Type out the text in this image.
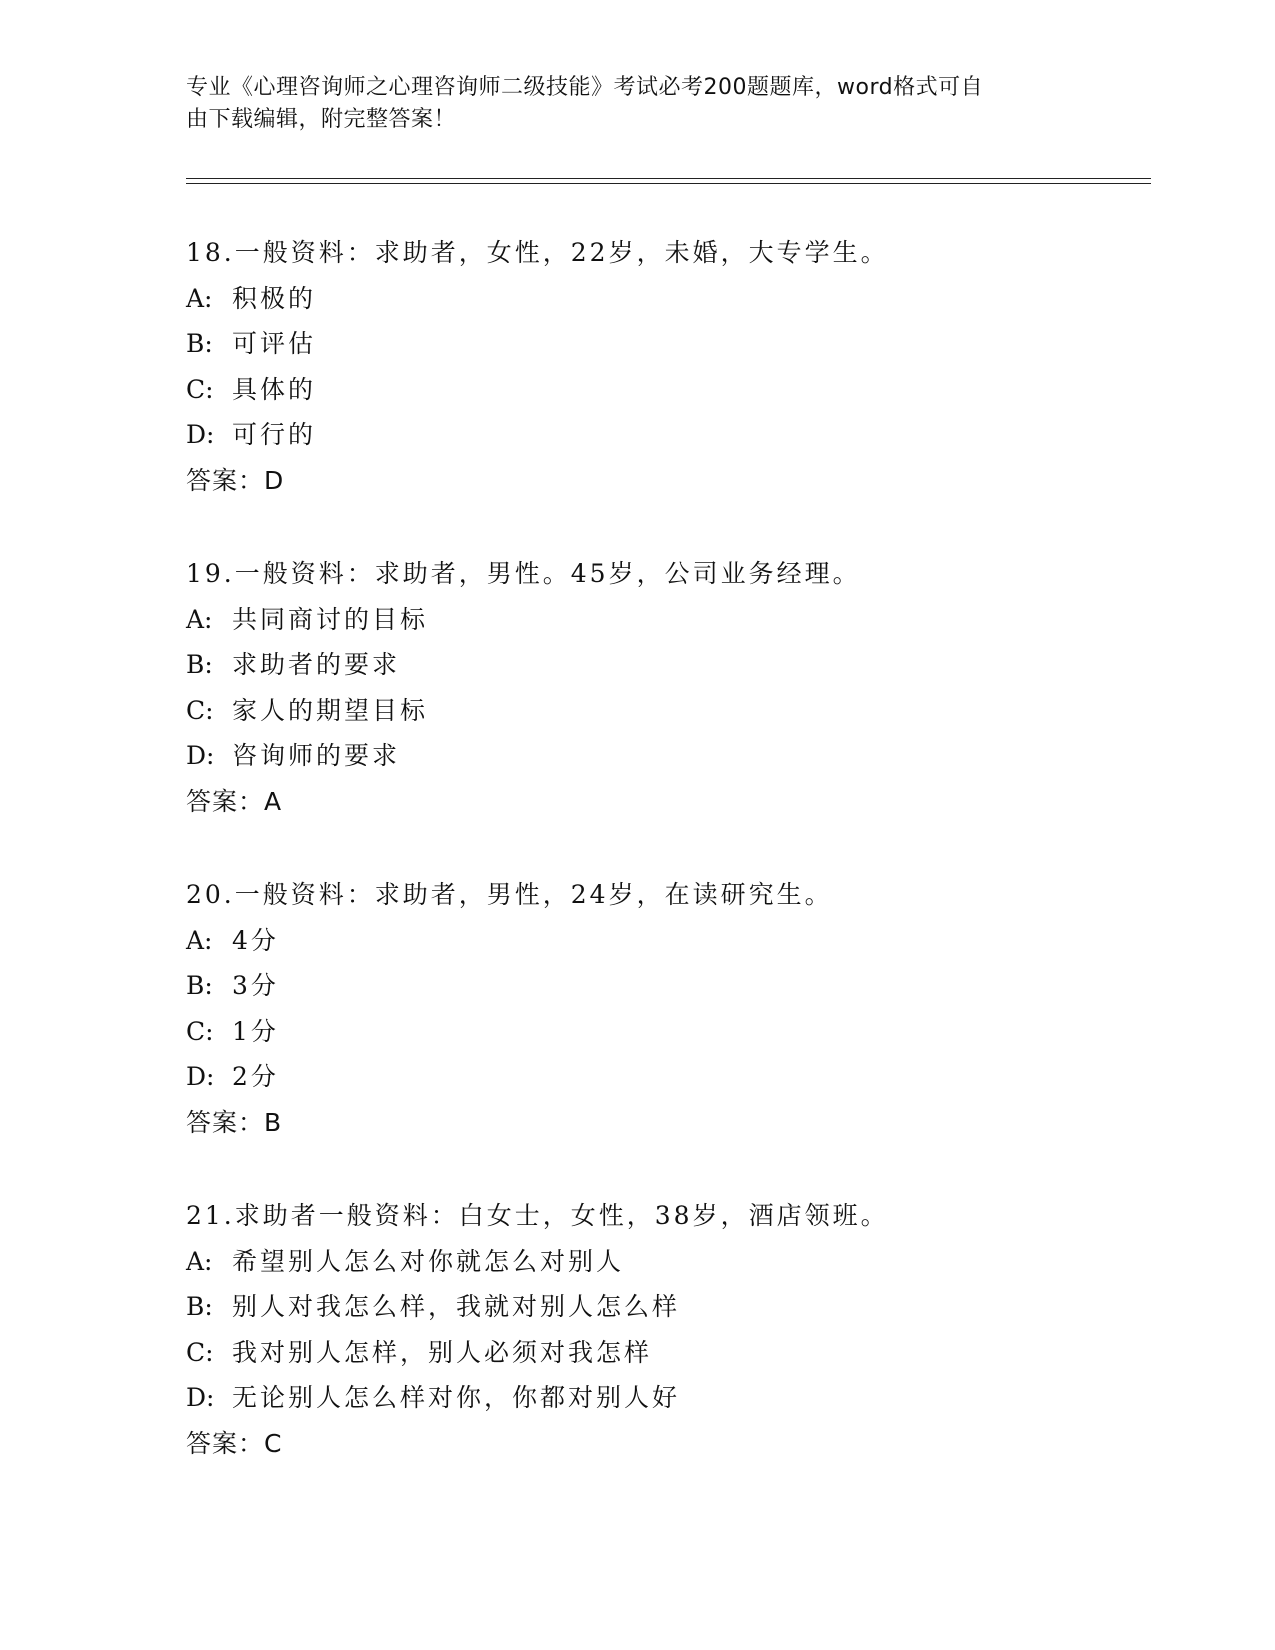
专业《心理咨询师之心理咨询师二级技能》考试必考200题题库，word格式可自
由下载编辑，附完整答案！
18.一般资料：求助者，女性，22岁，未婚，大专学生。
A: 积极的
B: 可评估
C: 具体的
D: 可行的
答案：D
19.一般资料：求助者，男性。45岁，公司业务经理。
A: 共同商讨的目标
B: 求助者的要求
C: 家人的期望目标
D: 咨询师的要求
答案：A
20.一般资料：求助者，男性，24岁，在读研究生。
A: 4分
B: 3分
C: 1分
D: 2分
答案：B
21.求助者一般资料：白女士，女性，38岁，酒店领班。
A: 希望别人怎么对你就怎么对别人
B: 别人对我怎么样，我就对别人怎么样
C: 我对别人怎样，别人必须对我怎样
D: 无论别人怎么样对你，你都对别人好
答案：C
